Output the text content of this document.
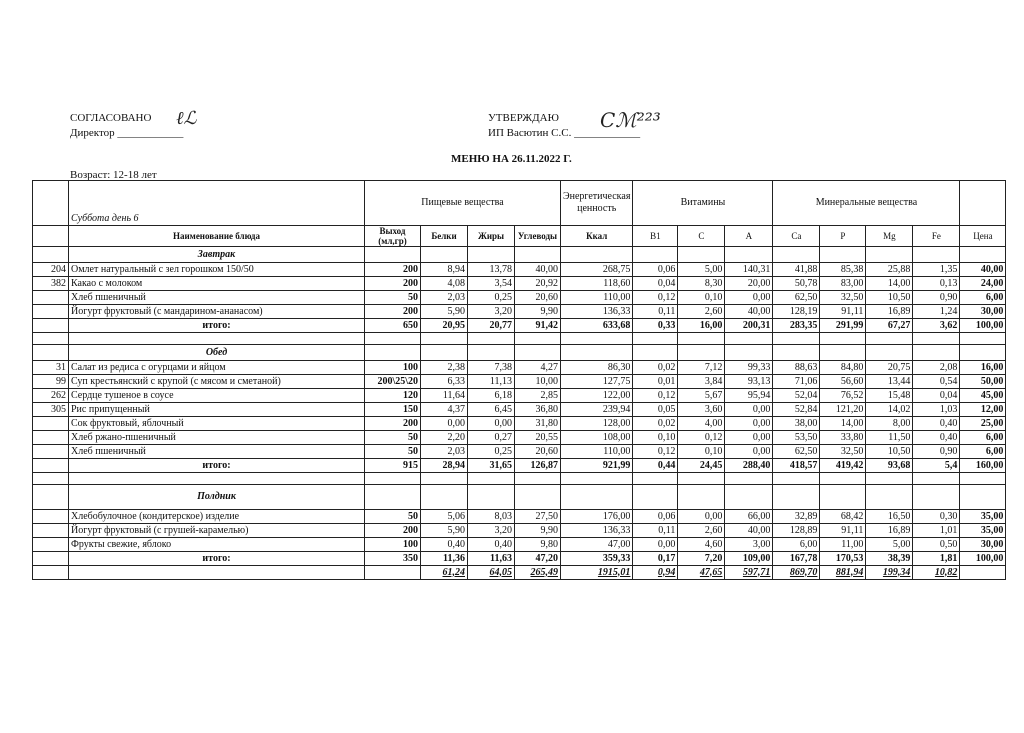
СОГЛАСОВАНО
Директор ____________
ℓℒ	УТВЕРЖДАЮ
ИП Васютин С.С. ____________
Cℳ²²³
МЕНЮ НА 26.11.2022 Г.
Возраст: 12-18 лет
	Суббота день 6	Пищевые вещества				Энергетическая ценность	Витамины			Минеральные вещества				
	Наименование блюда	Выход (мл,гр)	Белки	Жиры	Углеводы	Ккал	B1	C	A	Ca	P	Mg	Fe	Цена
	Завтрак													
204	Омлет натуральный с зел горошком 150/50	200	8,94	13,78	40,00	268,75	0,06	5,00	140,31	41,88	85,38	25,88	1,35	40,00
382	Какао с молоком	200	4,08	3,54	20,92	118,60	0,04	8,30	20,00	50,78	83,00	14,00	0,13	24,00
	Хлеб пшеничный	50	2,03	0,25	20,60	110,00	0,12	0,10	0,00	62,50	32,50	10,50	0,90	6,00
	Йогурт фруктовый (с мандарином-ананасом)	200	5,90	3,20	9,90	136,33	0,11	2,60	40,00	128,19	91,11	16,89	1,24	30,00
	итого:	650	20,95	20,77	91,42	633,68	0,33	16,00	200,31	283,35	291,99	67,27	3,62	100,00

	Обед													
31	Салат из редиса с огурцами и яйцом	100	2,38	7,38	4,27	86,30	0,02	7,12	99,33	88,63	84,80	20,75	2,08	16,00
99	Суп крестьянский с крупой (с мясом и сметаной)	200\25\20	6,33	11,13	10,00	127,75	0,01	3,84	93,13	71,06	56,60	13,44	0,54	50,00
262	Сердце тушеное в соусе	120	11,64	6,18	2,85	122,00	0,12	5,67	95,94	52,04	76,52	15,48	0,04	45,00
305	Рис припущенный	150	4,37	6,45	36,80	239,94	0,05	3,60	0,00	52,84	121,20	14,02	1,03	12,00
	Сок фруктовый, яблочный	200	0,00	0,00	31,80	128,00	0,02	4,00	0,00	38,00	14,00	8,00	0,40	25,00
	Хлеб ржано-пшеничный	50	2,20	0,27	20,55	108,00	0,10	0,12	0,00	53,50	33,80	11,50	0,40	6,00
	Хлеб пшеничный	50	2,03	0,25	20,60	110,00	0,12	0,10	0,00	62,50	32,50	10,50	0,90	6,00
	итого:	915	28,94	31,65	126,87	921,99	0,44	24,45	288,40	418,57	419,42	93,68	5,4	160,00

	Полдник													
	Хлебобулочное (кондитерское) изделие	50	5,06	8,03	27,50	176,00	0,06	0,00	66,00	32,89	68,42	16,50	0,30	35,00
	Йогурт фруктовый (с грушей-карамелью)	200	5,90	3,20	9,90	136,33	0,11	2,60	40,00	128,89	91,11	16,89	1,01	35,00
	Фрукты свежие, яблоко	100	0,40	0,40	9,80	47,00	0,00	4,60	3,00	6,00	11,00	5,00	0,50	30,00
	итого:	350	11,36	11,63	47,20	359,33	0,17	7,20	109,00	167,78	170,53	38,39	1,81	100,00
			61,24	64,05	265,49	1915,01	0,94	47,65	597,71	869,70	881,94	199,34	10,82	
